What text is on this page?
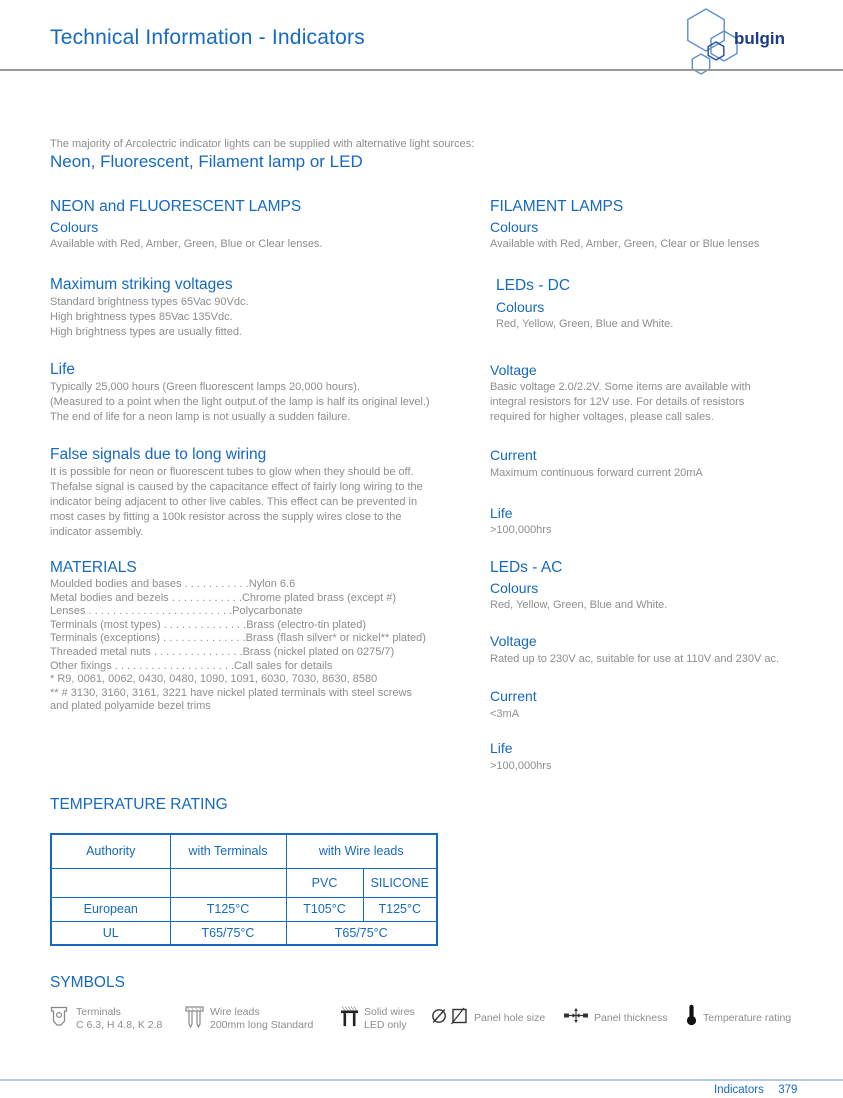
Technical Information - Indicators	bulgin
The majority of Arcolectric indicator lights can be supplied with alternative light sources:
Neon, Fluorescent, Filament lamp or LED
NEON and FLUORESCENT LAMPS
Colours
Available with Red, Amber, Green, Blue or Clear lenses.
Maximum striking voltages
Standard brightness types 65Vac 90Vdc.
High brightness types 85Vac 135Vdc.
High brightness types are usually fitted.
Life
Typically 25,000 hours (Green fluorescent lamps 20,000 hours).
(Measured to a point when the light output of the lamp is half its original level.)
The end of life for a neon lamp is not usually a sudden failure.
False signals due to long wiring
It is possible for neon or fluorescent tubes to glow when they should be off.
Thefalse signal is caused by the capacitance effect of fairly long wiring to the
indicator being adjacent to other live cables. This effect can be prevented in
most cases by fitting a 100k resistor across the supply wires close to the
indicator assembly.
MATERIALS
Moulded bodies and bases . . . . . . . . . . .Nylon 6.6
Metal bodies and bezels . . . . . . . . . . . .Chrome plated brass (except #)
Lenses . . . . . . . . . . . . . . . . . . . . . . . .Polycarbonate
Terminals (most types) . . . . . . . . . . . . . .Brass (electro-tin plated)
Terminals (exceptions) . . . . . . . . . . . . . .Brass (flash silver* or nickel** plated)
Threaded metal nuts . . . . . . . . . . . . . . .Brass (nickel plated on 0275/7)
Other fixings . . . . . . . . . . . . . . . . . . . .Call sales for details
* R9, 0061, 0062, 0430, 0480, 1090, 1091, 6030, 7030, 8630, 8580
** # 3130, 3160, 3161, 3221 have nickel plated terminals with steel screws
and plated polyamide bezel trims
FILAMENT LAMPS
Colours
Available with Red, Amber, Green, Clear or Blue lenses
LEDs - DC
Colours
Red, Yellow, Green, Blue and White.
Voltage
Basic voltage 2.0/2.2V. Some items are available with
integral resistors for 12V use. For details of resistors
required for higher voltages, please call sales.
Current
Maximum continuous forward current 20mA
Life
>100,000hrs
LEDs - AC
Colours
Red, Yellow, Green, Blue and White.
Voltage
Rated up to 230V ac, suitable for use at 110V and 230V ac.
Current
<3mA
Life
>100,000hrs
TEMPERATURE RATING
Authority	with Terminals	with Wire leads	
		PVC	SILICONE
European	T125°C	T105°C	T125°C
UL	T65/75°C	T65/75°C	
SYMBOLS
Terminals
C 6.3, H 4.8, K 2.8
Wire leads
200mm long Standard
Solid wires
LED only
Panel hole size	Panel thickness	Temperature rating
Indicators 379
